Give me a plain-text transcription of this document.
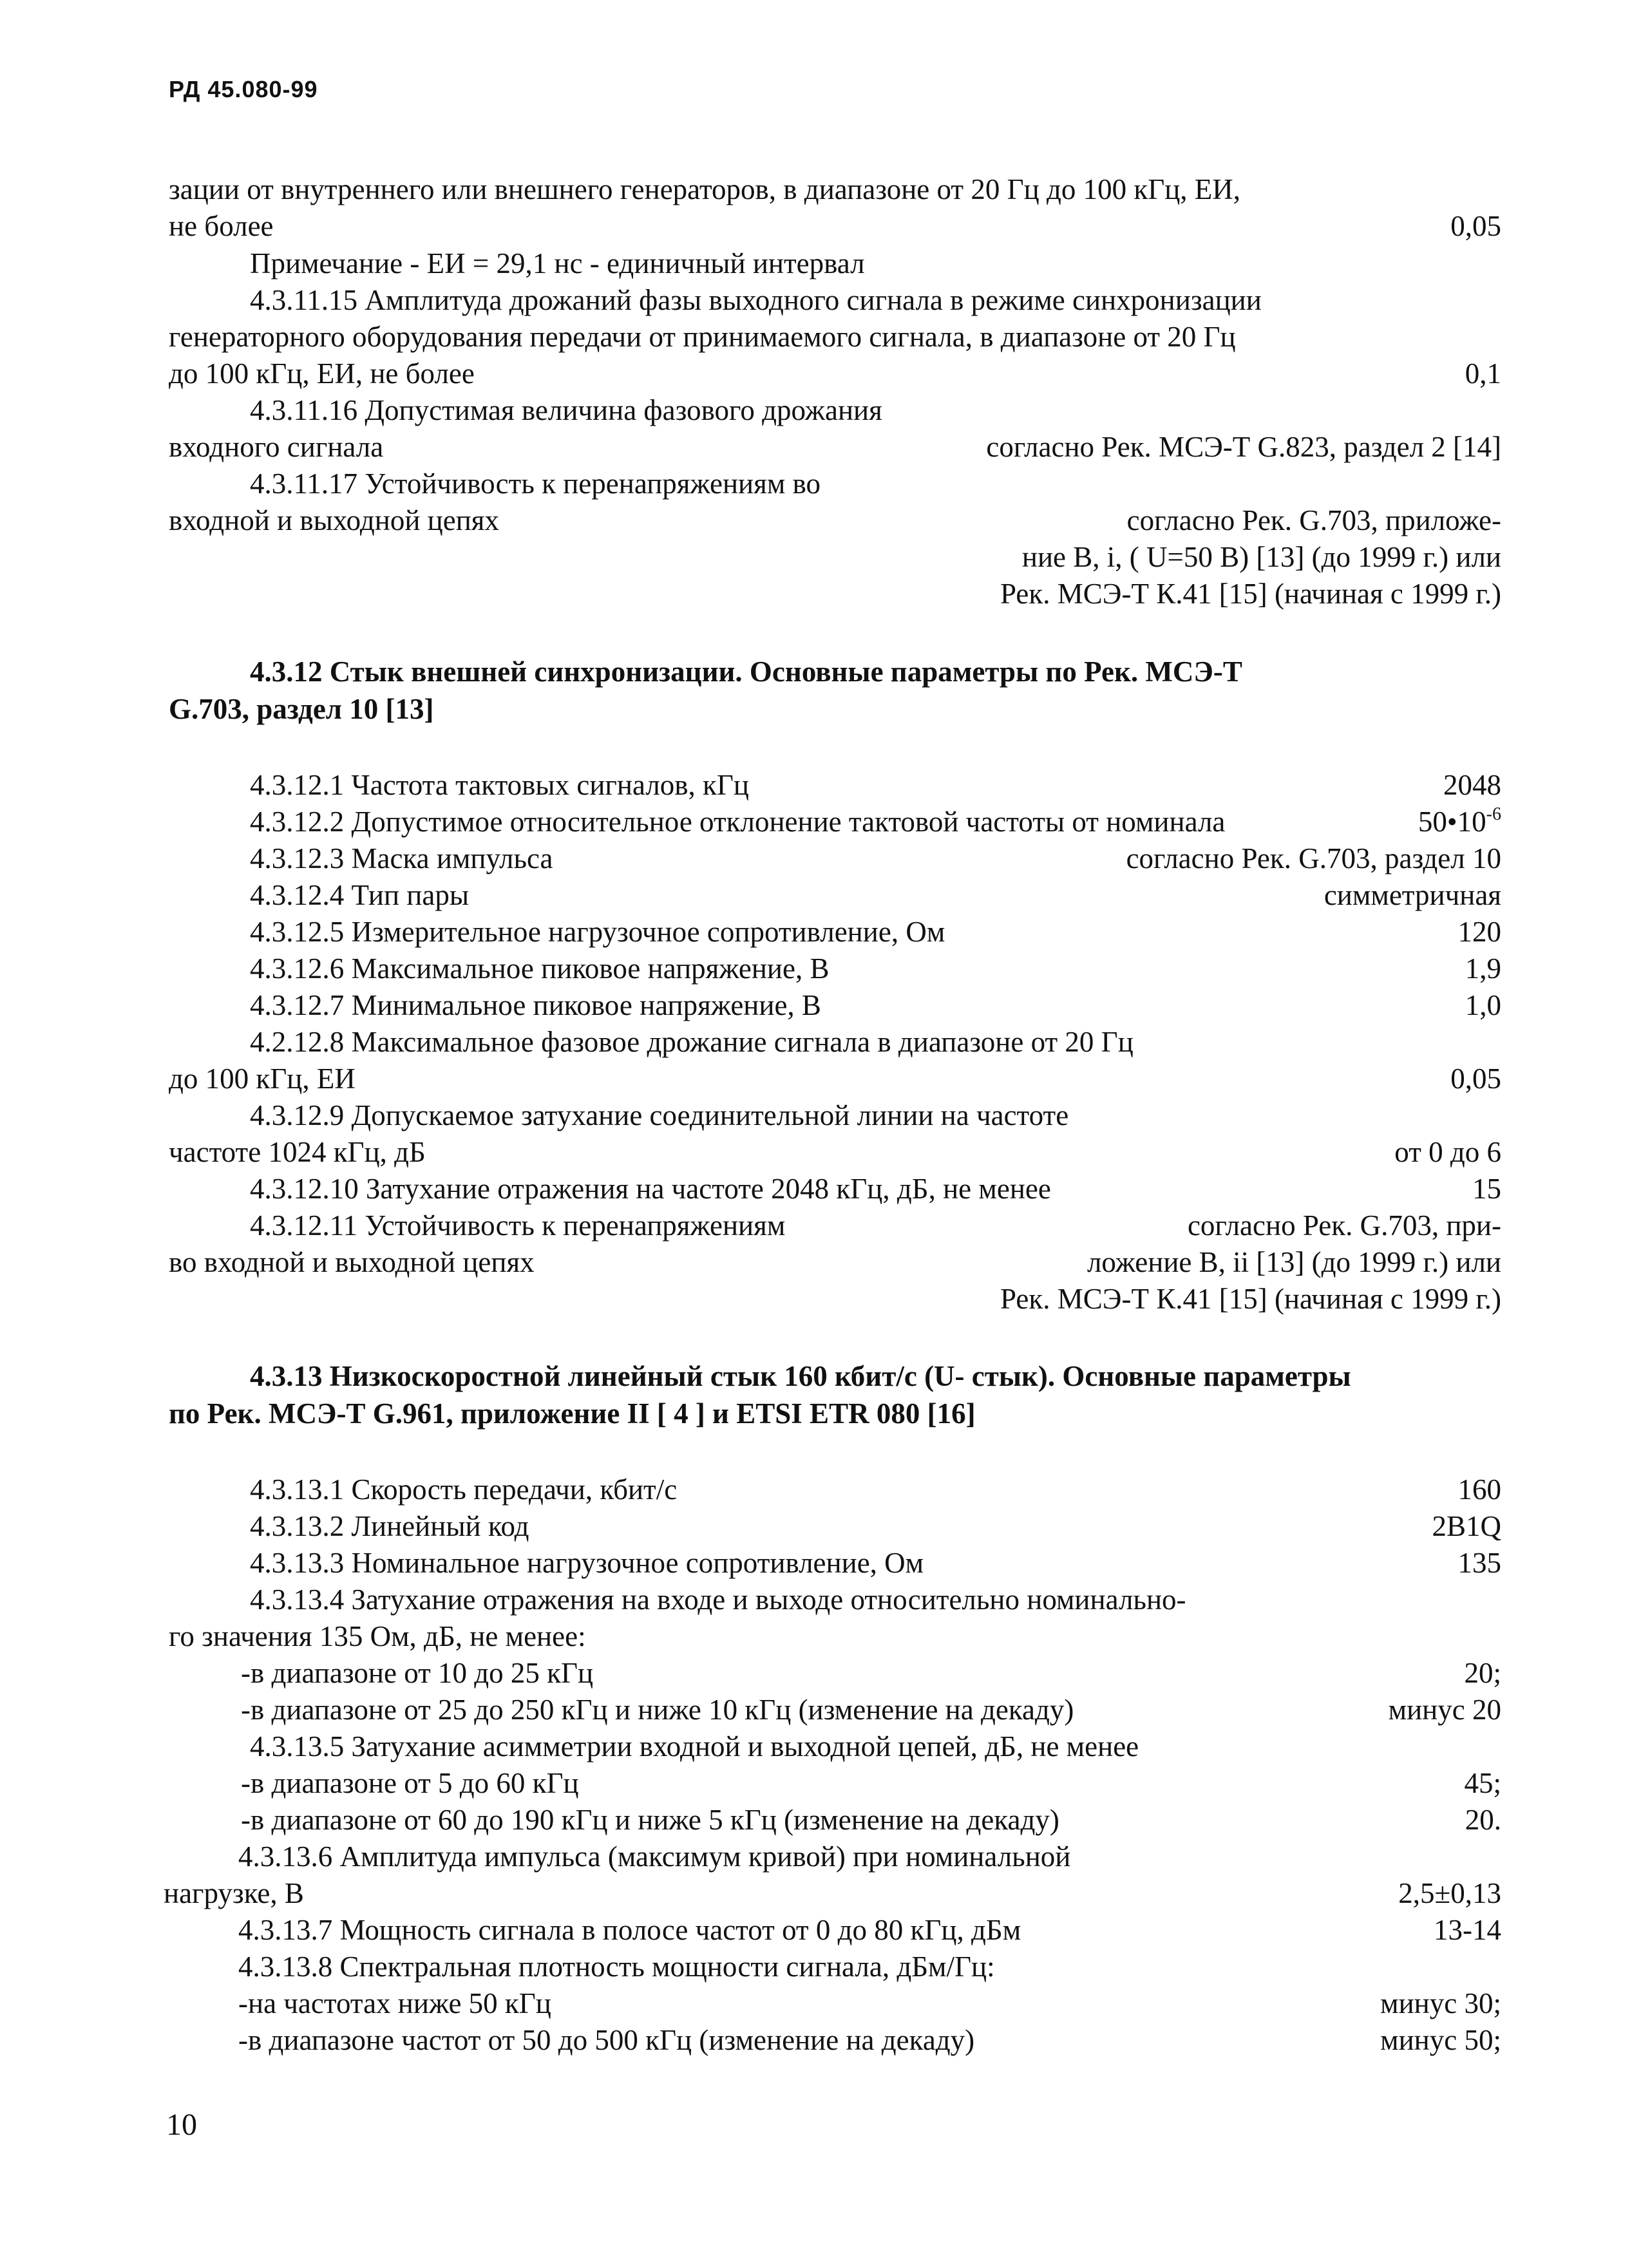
РД 45.080-99
зации от внутреннего или внешнего генераторов, в диапазоне от 20 Гц до 100 кГц, ЕИ,
не более	0,05
Примечание - ЕИ = 29,1 нс - единичный интервал
4.3.11.15 Амплитуда дрожаний фазы выходного сигнала в режиме синхронизации
генераторного оборудования передачи от принимаемого сигнала, в диапазоне от 20 Гц
до 100 кГц, ЕИ, не более	0,1
4.3.11.16 Допустимая величина фазового дрожания
входного сигнала	согласно Рек. МСЭ-Т G.823, раздел 2 [14]
4.3.11.17 Устойчивость к перенапряжениям во
входной и выходной цепях	согласно Рек. G.703, приложе-
ние В, i, ( U=50 В) [13] (до 1999 г.) или
Рек. МСЭ-Т К.41 [15] (начиная с 1999 г.)
4.3.12 Стык внешней синхронизации. Основные параметры по Рек. МСЭ-Т
G.703, раздел 10 [13]
4.3.12.1 Частота тактовых сигналов, кГц	2048
4.3.12.2 Допустимое относительное отклонение тактовой частоты от номинала	$50•10^{-6}$
4.3.12.3 Маска импульса	согласно Рек. G.703, раздел 10
4.3.12.4 Тип пары	симметричная
4.3.12.5 Измерительное нагрузочное сопротивление, Ом	120
4.3.12.6 Максимальное пиковое напряжение, В	1,9
4.3.12.7 Минимальное пиковое напряжение, В	1,0
4.2.12.8 Максимальное фазовое дрожание сигнала в диапазоне от 20 Гц
до 100 кГц, ЕИ	0,05
4.3.12.9 Допускаемое затухание соединительной линии на частоте
частоте 1024 кГц, дБ	от 0 до 6
4.3.12.10 Затухание отражения на частоте 2048 кГц, дБ, не менее	15
4.3.12.11 Устойчивость к перенапряжениям	согласно Рек. G.703, при-
во входной и выходной цепях	ложение В, ii [13] (до 1999 г.) или
Рек. МСЭ-Т К.41 [15] (начиная с 1999 г.)
4.3.13 Низкоскоростной линейный стык 160 кбит/с (U- стык). Основные параметры
по Рек. МСЭ-Т G.961, приложение II [ 4 ] и ETSI ETR 080 [16]
4.3.13.1 Скорость передачи, кбит/с	160
4.3.13.2 Линейный код	2B1Q
4.3.13.3 Номинальное нагрузочное сопротивление, Ом	135
4.3.13.4 Затухание отражения на входе и выходе относительно номинально-
го значения 135 Ом, дБ, не менее:
-в диапазоне от 10 до 25 кГц	20;
-в диапазоне от 25 до 250 кГц и ниже 10 кГц (изменение на декаду)	минус 20
4.3.13.5 Затухание асимметрии входной и выходной цепей, дБ, не менее
-в диапазоне от 5 до 60 кГц	45;
-в диапазоне от 60 до 190 кГц и ниже 5 кГц (изменение на декаду)	20.
4.3.13.6 Амплитуда импульса (максимум кривой) при номинальной
нагрузке, В	2,5±0,13
4.3.13.7 Мощность сигнала в полосе частот от 0 до 80 кГц, дБм	13-14
4.3.13.8 Спектральная плотность мощности сигнала, дБм/Гц:
-на частотах ниже 50 кГц	минус 30;
-в диапазоне частот от 50 до 500 кГц (изменение на декаду)	минус 50;
10
